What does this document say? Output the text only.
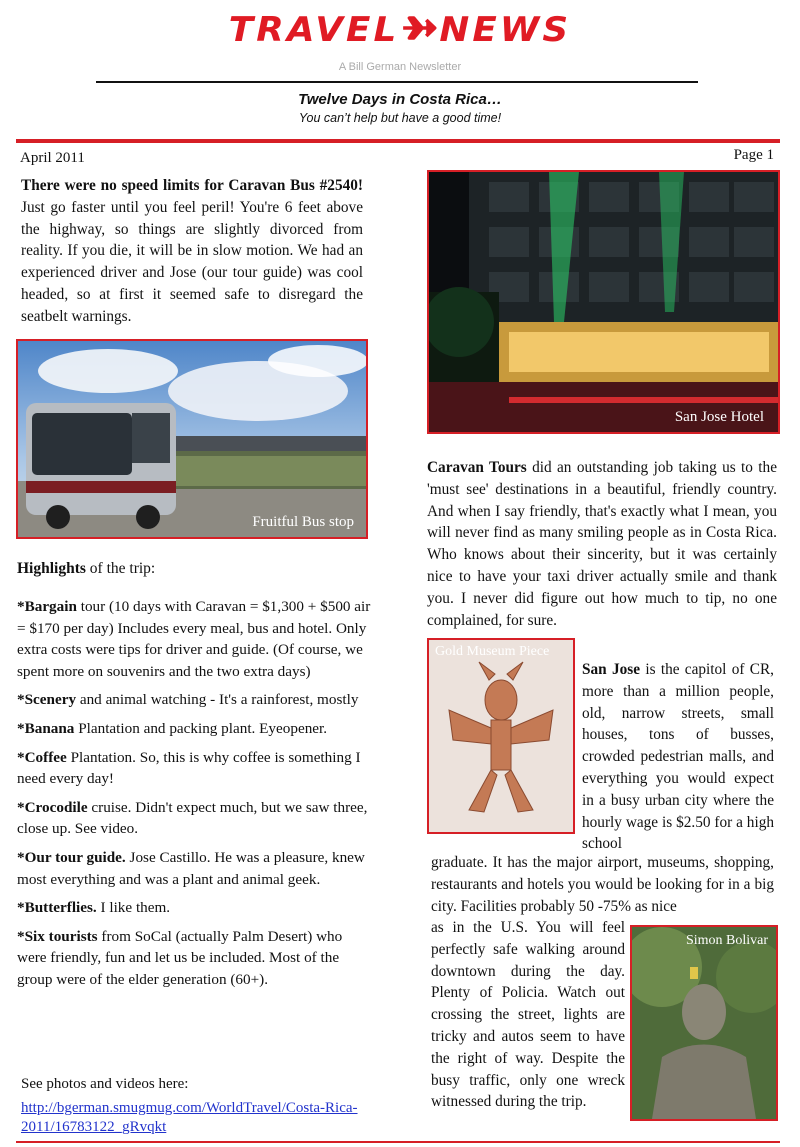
TRAVEL NEWS
A Bill German Newsletter
Twelve Days in Costa Rica…
You can’t help but have a good time!
April 2011	Page 1
There were no speed limits for Caravan Bus #2540! Just go faster until you feel peril! You're 6 feet above the highway, so things are slightly divorced from reality. If you die, it will be in slow motion. We had an experienced driver and Jose (our tour guide) was cool headed, so at first it seemed safe to disregard the seatbelt warnings.
Fruitful Bus stop
Highlights of the trip:
*Bargain tour (10 days with Caravan = $1,300 + $500 air = $170 per day) Includes every meal, bus and hotel. Only extra costs were tips for driver and guide. (Of course, we spent more on souvenirs and the two extra days)
*Scenery and animal watching - It's a rainforest, mostly
*Banana Plantation and packing plant. Eyeopener.
*Coffee Plantation. So, this is why coffee is something I need every day!
*Crocodile cruise. Didn't expect much, but we saw three, close up. See video.
*Our tour guide. Jose Castillo. He was a pleasure, knew most everything and was a plant and animal geek.
*Butterflies. I like them.
*Six tourists from SoCal (actually Palm Desert) who were friendly, fun and let us be included. Most of the group were of the elder generation (60+).
See photos and videos here:
http://bgerman.smugmug.com/WorldTravel/Costa-Rica-2011/16783122_gRvqkt
San Jose Hotel
Caravan Tours did an outstanding job taking us to the 'must see' destinations in a beautiful, friendly country. And when I say friendly, that's exactly what I mean, you will never find as many smiling people as in Costa Rica. Who knows about their sincerity, but it was certainly nice to have your taxi driver actually smile and thank you. I never did figure out how much to tip, no one complained, for sure.
Gold Museum Piece
San Jose is the capitol of CR, more than a million people, old, narrow streets, small houses, tons of busses, crowded pedestrian malls, and everything you would expect in a busy urban city where the hourly wage is $2.50 for a high school
graduate. It has the major airport, museums, shopping, restaurants and hotels you would be looking for in a big city. Facilities probably 50 -75% as nice
as in the U.S. You will feel perfectly safe walking around downtown during the day. Plenty of Policia. Watch out crossing the street, lights are tricky and autos seem to have the right of way. Despite the busy traffic, only one wreck witnessed during the trip.
Simon Bolivar
